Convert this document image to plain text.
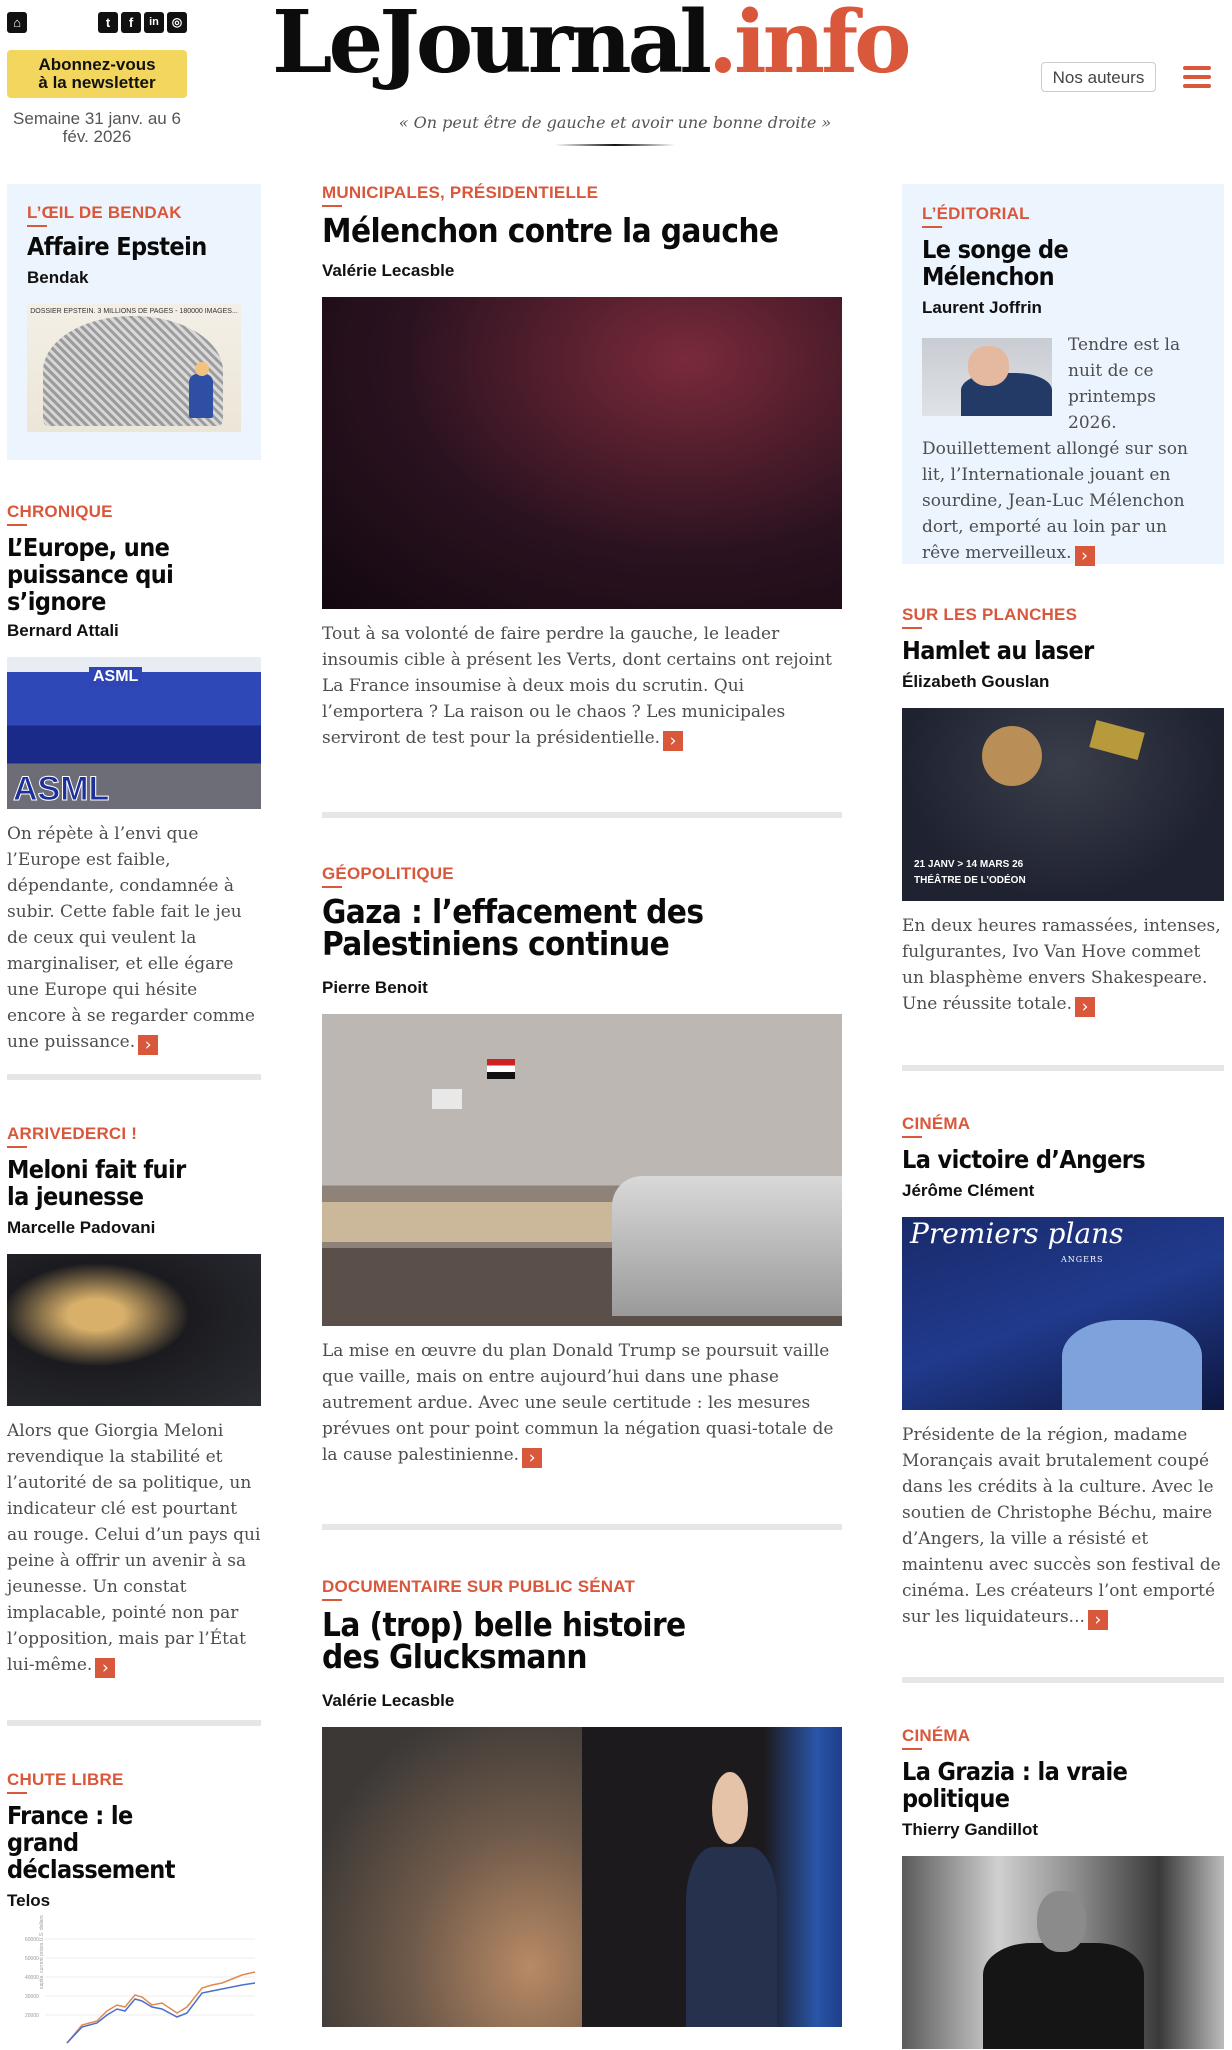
⌂	t	f	in	◎
Abonnez-vous
à la newsletter
Semaine 31 janv. au 6 fév. 2026
LeJournal.info
« On peut être de gauche et avoir une bonne droite »
Nos auteurs
L’ŒIL DE BENDAK
Affaire Epstein
Bendak
DOSSIER EPSTEIN. 3 MILLIONS DE PAGES - 180000 IMAGES...
CHRONIQUE
L’Europe, une puissance qui s’ignore
Bernard Attali
ASML
ASML

On répète à l’envi que l’Europe est faible, dépendante, condamnée à subir. Cette fable fait le jeu de ceux qui veulent la marginaliser, et elle égare une Europe qui hésite encore à se regarder comme une puissance. ›

ARRIVEDERCI !
Meloni fait fuir la jeunesse
Marcelle Padovani

Alors que Giorgia Meloni revendique la stabilité et l’autorité de sa politique, un indicateur clé est pourtant au rouge. Celui d’un pays qui peine à offrir un avenir à sa jeunesse. Un constat implacable, pointé non par l’opposition, mais par l’État lui-même. ›

CHUTE LIBRE
France : le grand déclassement
Telos
capita, current prices U.S. dollars
60000
50000
40000
30000
20000
MUNICIPALES, PRÉSIDENTIELLE
Mélenchon contre la gauche
Valérie Lecasble

Tout à sa volonté de faire perdre la gauche, le leader insoumis cible à présent les Verts, dont certains ont rejoint La France insoumise à deux mois du scrutin. Qui l’emportera ? La raison ou le chaos ? Les municipales serviront de test pour la présidentielle. ›

GÉOPOLITIQUE
Gaza : l’effacement des Palestiniens continue
Pierre Benoit

La mise en œuvre du plan Donald Trump se poursuit vaille que vaille, mais on entre aujourd’hui dans une phase autrement ardue. Avec une seule certitude : les mesures prévues ont pour point commun la négation quasi-totale de la cause palestinienne. ›

DOCUMENTAIRE SUR PUBLIC SÉNAT
La (trop) belle histoire des Glucksmann
Valérie Lecasble
L’ÉDITORIAL
Le songe de Mélenchon
Laurent Joffrin
Tendre est la nuit de ce printemps 2026. Douillettement allongé sur son lit, l’Internationale jouant en sourdine, Jean-Luc Mélenchon dort, emporté au loin par un rêve merveilleux. ›
SUR LES PLANCHES
Hamlet au laser
Élizabeth Gouslan
21 JANV > 14 MARS 26
THÉÂTRE DE L’ODÉON

En deux heures ramassées, intenses, fulgurantes, Ivo Van Hove commet un blasphème envers Shakespeare. Une réussite totale. ›

CINÉMA
La victoire d’Angers
Jérôme Clément
Premiers plans
ANGERS

Présidente de la région, madame Morançais avait brutalement coupé dans les crédits à la culture. Avec le soutien de Christophe Béchu, maire d’Angers, la ville a résisté et maintenu avec succès son festival de cinéma. Les créateurs l’ont emporté sur les liquidateurs... ›

CINÉMA
La Grazia : la vraie politique
Thierry Gandillot
